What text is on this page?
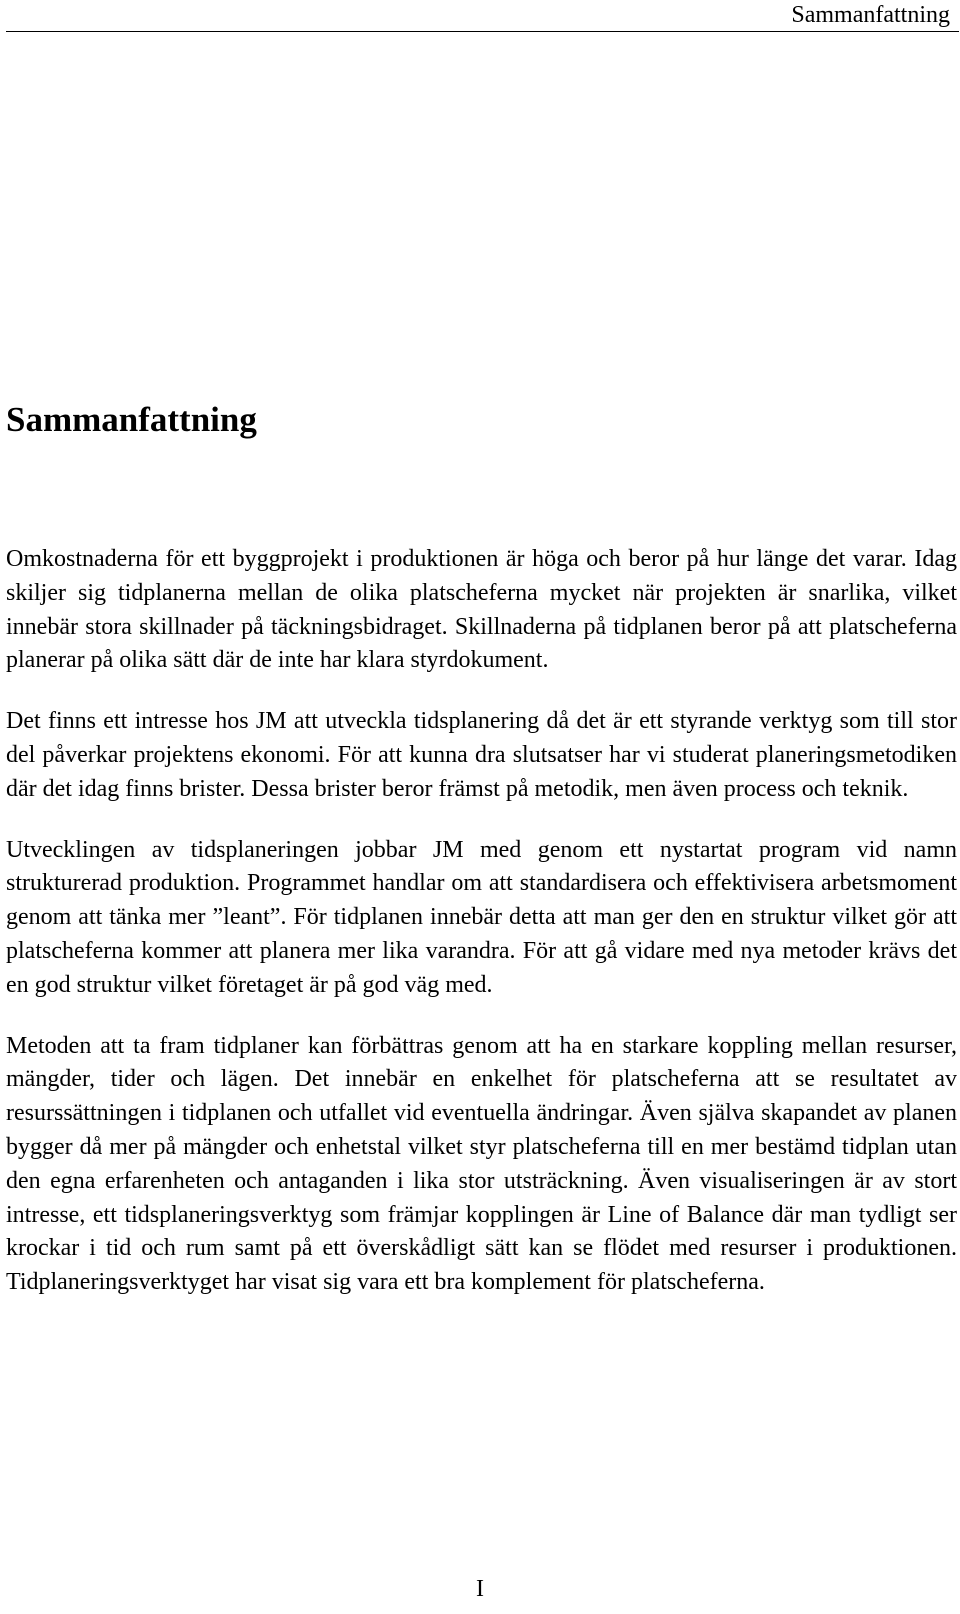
Sammanfattning
Sammanfattning

Omkostnaderna för ett byggprojekt i produktionen är höga och beror på hur länge det varar. Idag skiljer sig tidplanerna mellan de olika platscheferna mycket när projekten är snarlika, vilket innebär stora skillnader på täckningsbidraget. Skillnaderna på tidplanen beror på att platscheferna planerar på olika sätt där de inte har klara styrdokument.

Det finns ett intresse hos JM att utveckla tidsplanering då det är ett styrande verktyg som till stor del påverkar projektens ekonomi. För att kunna dra slutsatser har vi studerat planeringsmetodiken där det idag finns brister. Dessa brister beror främst på metodik, men även process och teknik.

Utvecklingen av tidsplaneringen jobbar JM med genom ett nystartat program vid namn strukturerad produktion. Programmet handlar om att standardisera och effektivisera arbetsmoment genom att tänka mer ”leant”. För tidplanen innebär detta att man ger den en struktur vilket gör att platscheferna kommer att planera mer lika varandra. För att gå vidare med nya metoder krävs det en god struktur vilket företaget är på god väg med.

Metoden att ta fram tidplaner kan förbättras genom att ha en starkare koppling mellan resurser, mängder, tider och lägen. Det innebär en enkelhet för platscheferna att se resultatet av resurssättningen i tidplanen och utfallet vid eventuella ändringar. Även själva skapandet av planen bygger då mer på mängder och enhetstal vilket styr platscheferna till en mer bestämd tidplan utan den egna erfarenheten och antaganden i lika stor utsträckning. Även visualiseringen är av stort intresse, ett tidsplaneringsverktyg som främjar kopplingen är Line of Balance där man tydligt ser krockar i tid och rum samt på ett överskådligt sätt kan se flödet med resurser i produktionen. Tidplaneringsverktyget har visat sig vara ett bra komplement för platscheferna.

I
